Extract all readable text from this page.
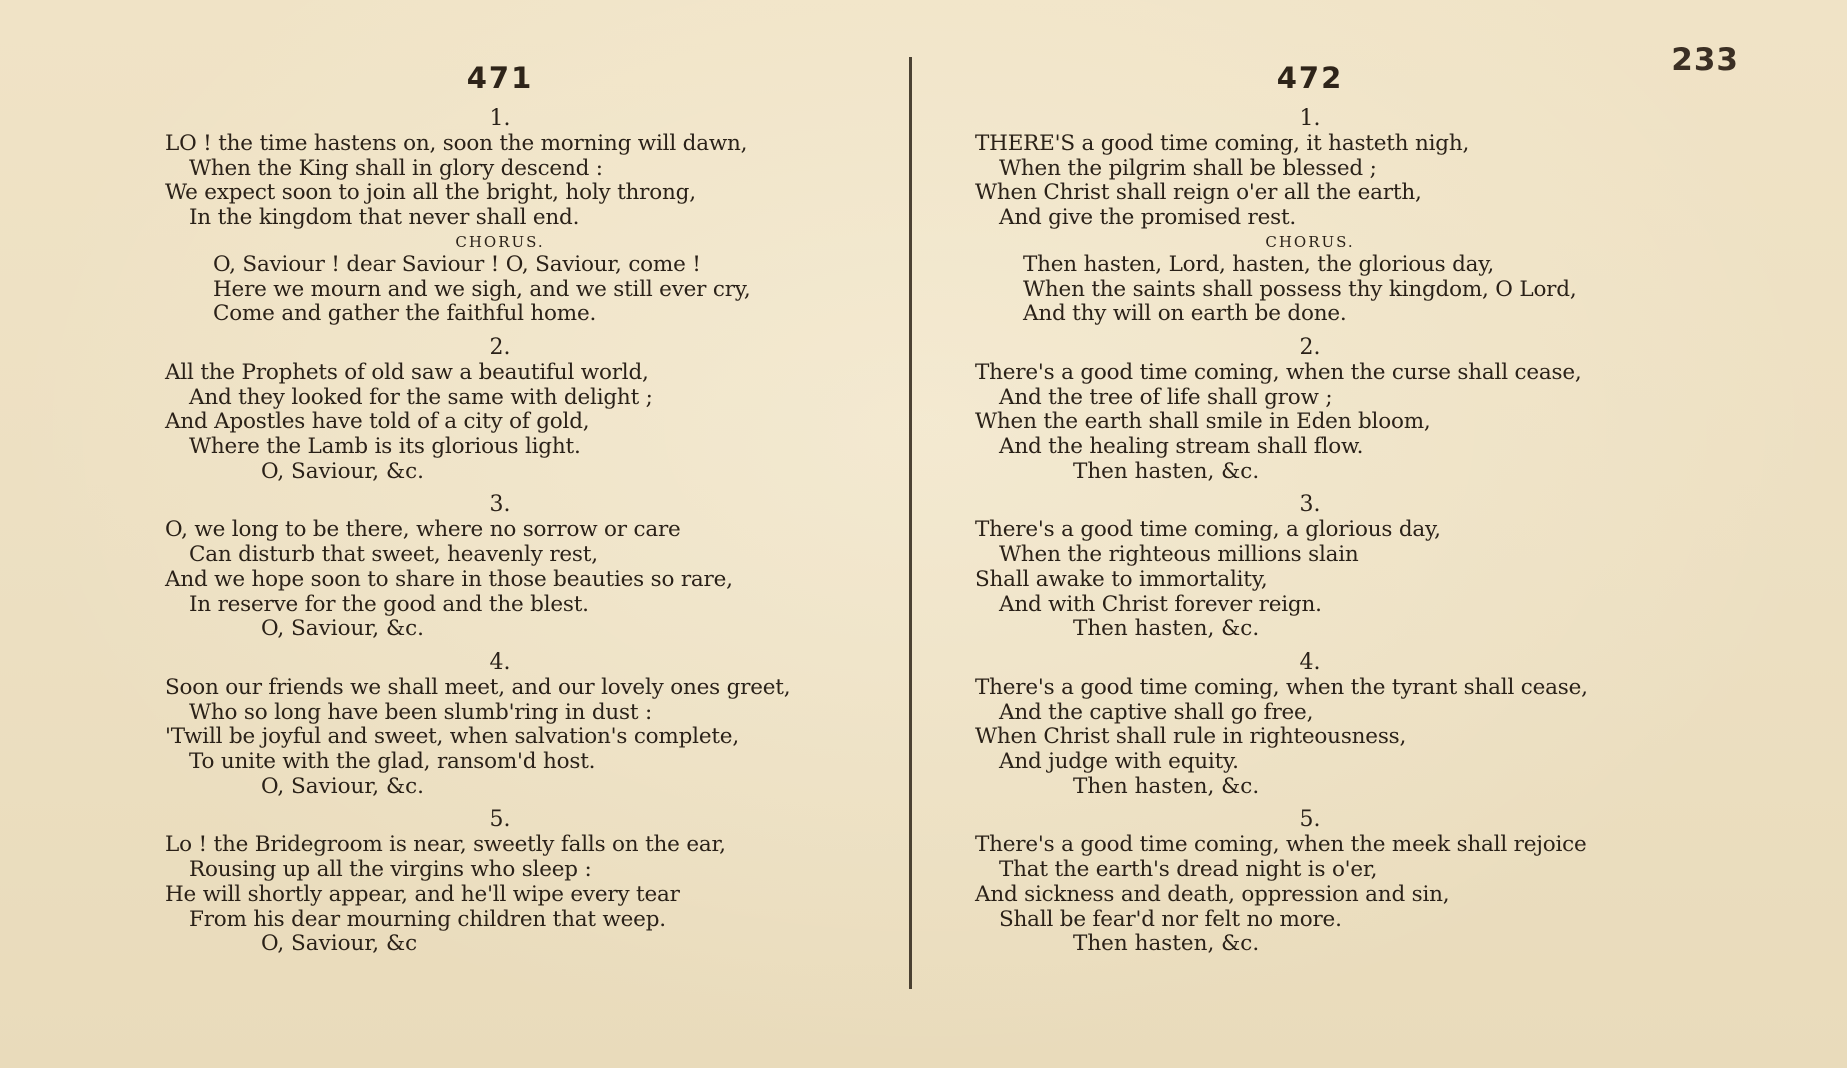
233
471
1.
LO ! the time hastens on, soon the morning will dawn,
When the King shall in glory descend :
We expect soon to join all the bright, holy throng,
In the kingdom that never shall end.
CHORUS.
O, Saviour ! dear Saviour ! O, Saviour, come !
Here we mourn and we sigh, and we still ever cry,
Come and gather the faithful home.
2.
All the Prophets of old saw a beautiful world,
And they looked for the same with delight ;
And Apostles have told of a city of gold,
Where the Lamb is its glorious light.
O, Saviour, &c.
3.
O, we long to be there, where no sorrow or care
Can disturb that sweet, heavenly rest,
And we hope soon to share in those beauties so rare,
In reserve for the good and the blest.
O, Saviour, &c.
4.
Soon our friends we shall meet, and our lovely ones greet,
Who so long have been slumb'ring in dust :
'Twill be joyful and sweet, when salvation's complete,
To unite with the glad, ransom'd host.
O, Saviour, &c.
5.
Lo ! the Bridegroom is near, sweetly falls on the ear,
Rousing up all the virgins who sleep :
He will shortly appear, and he'll wipe every tear
From his dear mourning children that weep.
O, Saviour, &c
472
1.
THERE'S a good time coming, it hasteth nigh,
When the pilgrim shall be blessed ;
When Christ shall reign o'er all the earth,
And give the promised rest.
CHORUS.
Then hasten, Lord, hasten, the glorious day,
When the saints shall possess thy kingdom, O Lord,
And thy will on earth be done.
2.
There's a good time coming, when the curse shall cease,
And the tree of life shall grow ;
When the earth shall smile in Eden bloom,
And the healing stream shall flow.
Then hasten, &c.
3.
There's a good time coming, a glorious day,
When the righteous millions slain
Shall awake to immortality,
And with Christ forever reign.
Then hasten, &c.
4.
There's a good time coming, when the tyrant shall cease,
And the captive shall go free,
When Christ shall rule in righteousness,
And judge with equity.
Then hasten, &c.
5.
There's a good time coming, when the meek shall rejoice
That the earth's dread night is o'er,
And sickness and death, oppression and sin,
Shall be fear'd nor felt no more.
Then hasten, &c.
